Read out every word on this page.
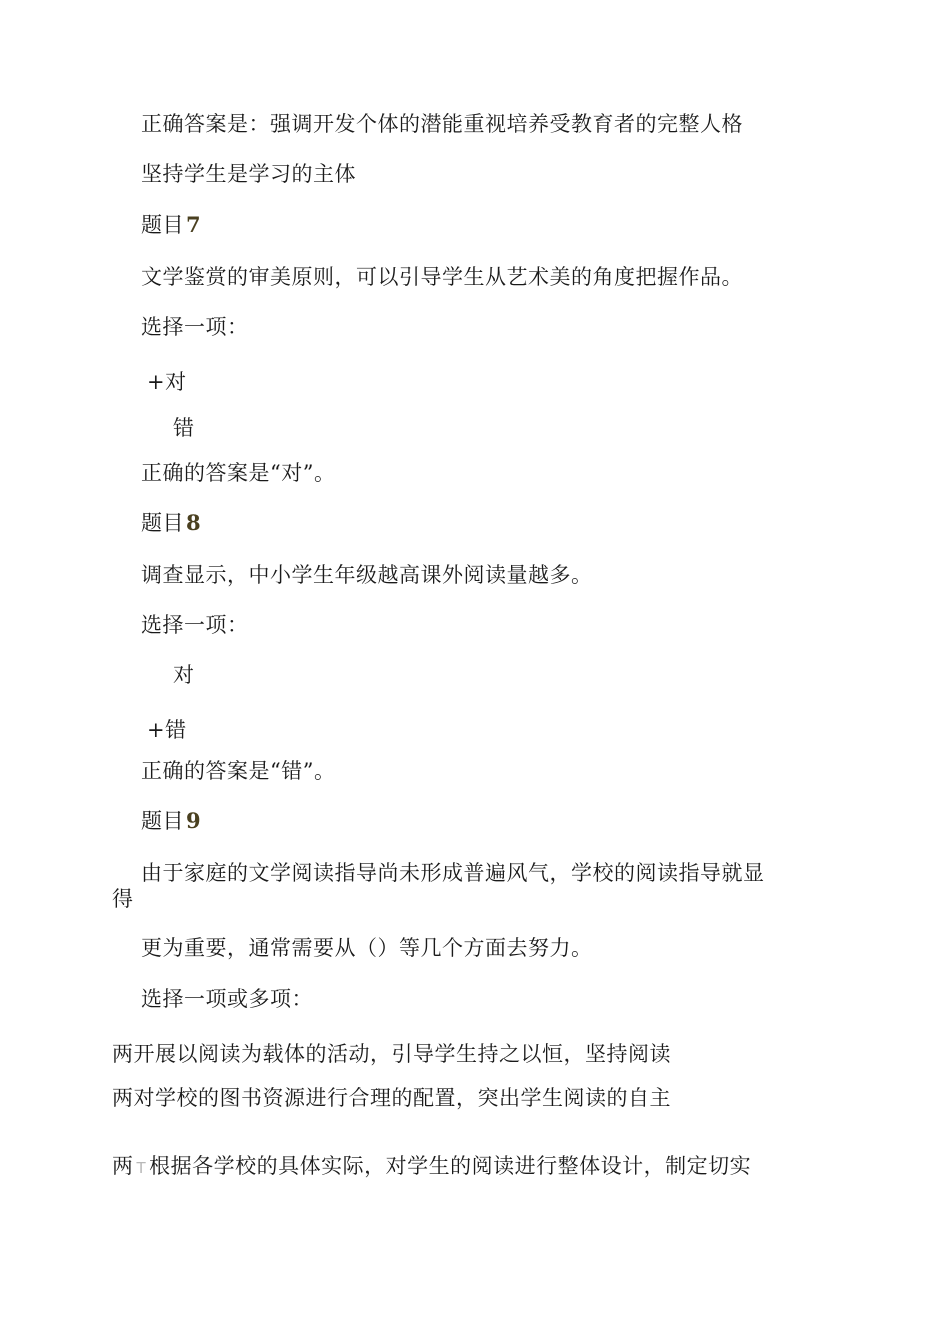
正确答案是：强调开发个体的潜能重视培养受教育者的完整人格
坚持学生是学习的主体
题目7
文学鉴赏的审美原则，可以引导学生从艺术美的角度把握作品。
选择一项：
+对
错
正确的答案是“对”。
题目8
调查显示，中小学生年级越高课外阅读量越多。
选择一项：
对
+错
正确的答案是“错”。
题目9
由于家庭的文学阅读指导尚未形成普遍风气，学校的阅读指导就显
得
更为重要，通常需要从（）等几个方面去努力。
选择一项或多项：
两开展以阅读为载体的活动，引导学生持之以恒，坚持阅读
两对学校的图书资源进行合理的配置，突出学生阅读的自主
两 T 根据各学校的具体实际，对学生的阅读进行整体设计，制定切实
